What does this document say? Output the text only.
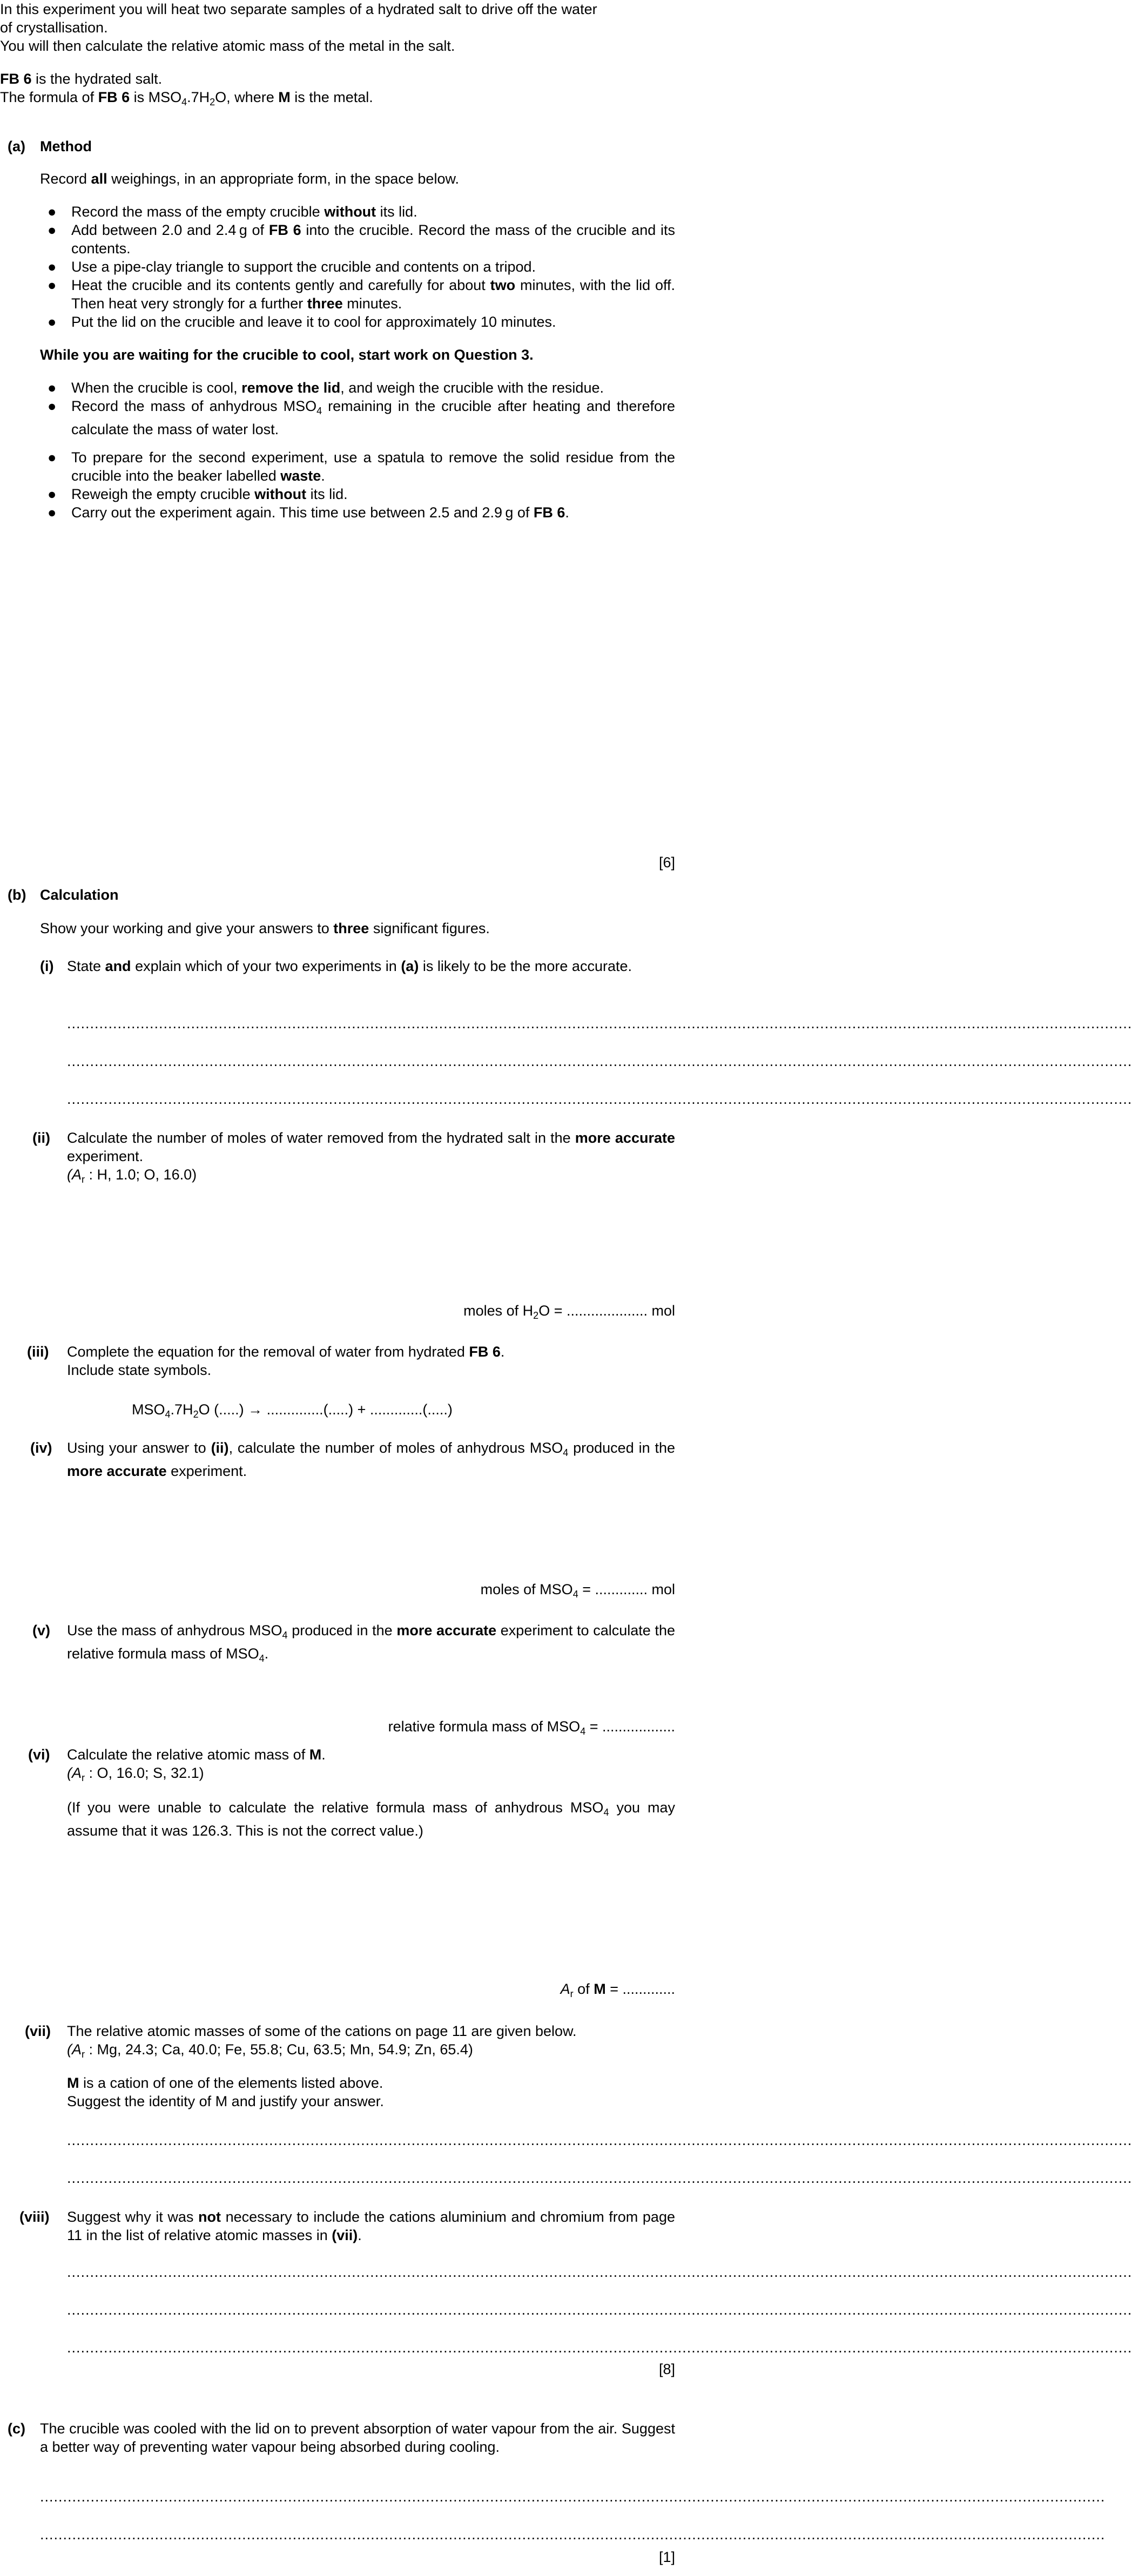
In this experiment you will heat two separate samples of a hydrated salt to drive off the water
of crystallisation.
You will then calculate the relative atomic mass of the metal in the salt.
FB 6 is the hydrated salt.
The formula of FB 6 is $MSO_4.7H_2O$, where M is the metal.
(a) Method
Record all weighings, in an appropriate form, in the space below.
● Record the mass of the empty crucible without its lid.
● Add between 2.0 and 2.4 g of FB 6 into the crucible. Record the mass of the crucible and its contents.
● Use a pipe-clay triangle to support the crucible and contents on a tripod.
● Heat the crucible and its contents gently and carefully for about two minutes, with the lid off. Then heat very strongly for a further three minutes.
● Put the lid on the crucible and leave it to cool for approximately 10 minutes.
While you are waiting for the crucible to cool, start work on Question 3.
● When the crucible is cool, remove the lid, and weigh the crucible with the residue.
● Record the mass of anhydrous $MSO_4$ remaining in the crucible after heating and therefore calculate the mass of water lost.
● To prepare for the second experiment, use a spatula to remove the solid residue from the crucible into the beaker labelled waste.
● Reweigh the empty crucible without its lid.
● Carry out the experiment again. This time use between 2.5 and 2.9 g of FB 6.
[6]
(b) Calculation
Show your working and give your answers to three significant figures.
(i) State and explain which of your two experiments in (a) is likely to be the more accurate.
........................................................................................................................................................................................................................................
........................................................................................................................................................................................................................................
........................................................................................................................................................................................................................................
(ii) Calculate the number of moles of water removed from the hydrated salt in the more accurate experiment.
($A_r$ : H, 1.0; O, 16.0)
moles of $H_2O$ = .................... mol
(iii) Complete the equation for the removal of water from hydrated FB 6.
Include state symbols.
$MSO_4.7H_2O$ (.....) → ..............(.....) + .............(.....)
(iv) Using your answer to (ii), calculate the number of moles of anhydrous $MSO_4$ produced in the more accurate experiment.
moles of $MSO_4$ = ............. mol
(v) Use the mass of anhydrous $MSO_4$ produced in the more accurate experiment to calculate the relative formula mass of $MSO_4$.
relative formula mass of $MSO_4$ = ..................
(vi) Calculate the relative atomic mass of M.
($A_r$ : O, 16.0; S, 32.1)
(If you were unable to calculate the relative formula mass of anhydrous $MSO_4$ you may assume that it was 126.3. This is not the correct value.)
$A_r$ of M = .............
(vii) The relative atomic masses of some of the cations on page 11 are given below.
($A_r$ : Mg, 24.3; Ca, 40.0; Fe, 55.8; Cu, 63.5; Mn, 54.9; Zn, 65.4)
M is a cation of one of the elements listed above.
Suggest the identity of M and justify your answer.
........................................................................................................................................................................................................................................
........................................................................................................................................................................................................................................
(viii) Suggest why it was not necessary to include the cations aluminium and chromium from page 11 in the list of relative atomic masses in (vii).
........................................................................................................................................................................................................................................
........................................................................................................................................................................................................................................
........................................................................................................................................................................................................................................
[8]
(c) The crucible was cooled with the lid on to prevent absorption of water vapour from the air. Suggest a better way of preventing water vapour being absorbed during cooling.
........................................................................................................................................................................................................................................
........................................................................................................................................................................................................................................
[1]
